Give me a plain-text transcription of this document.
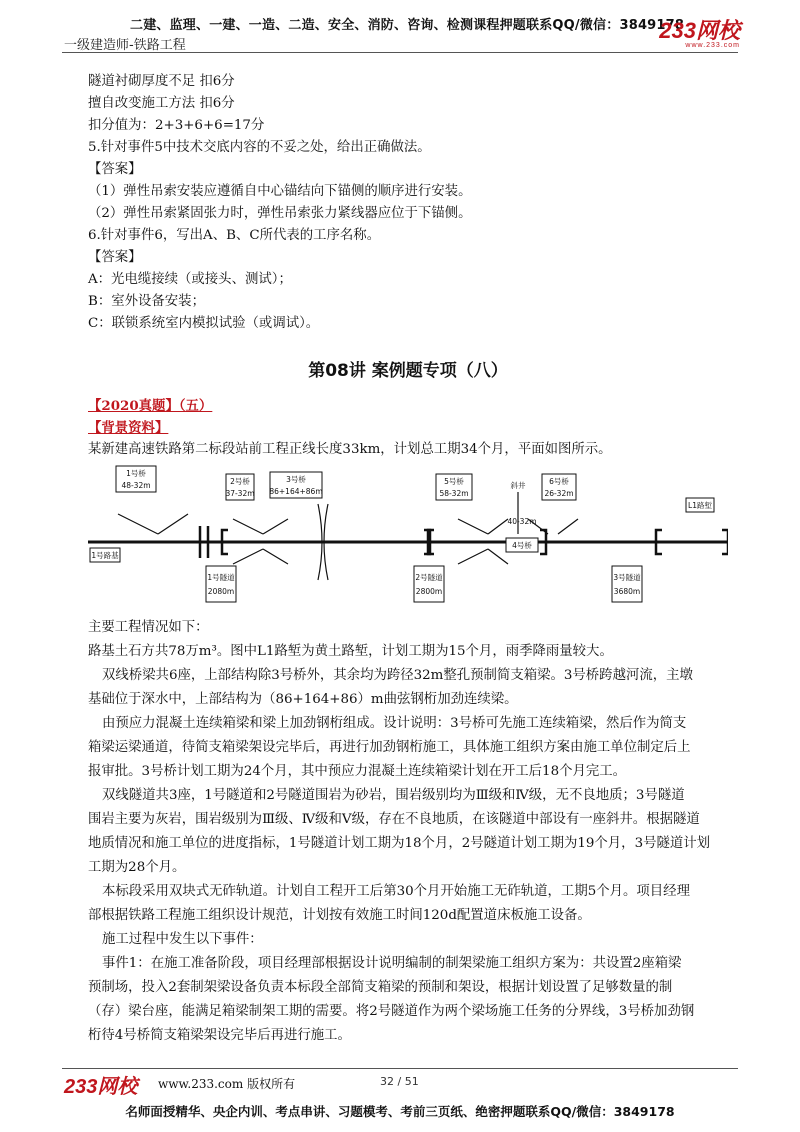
二建、监理、一建、一造、二造、安全、消防、咨询、检测课程押题联系QQ/微信：3849178
一级建造师-铁路工程
233网校
www.233.com
隧道衬砌厚度不足 扣6分
擅自改变施工方法 扣6分
扣分值为：2+3+6+6=17分
5.针对事件5中技术交底内容的不妥之处，给出正确做法。
【答案】
（1）弹性吊索安装应遵循自中心锚结向下锚侧的顺序进行安装。
（2）弹性吊索紧固张力时，弹性吊索张力紧线器应位于下锚侧。
6.针对事件6，写出A、B、C所代表的工序名称。
【答案】
A：光电缆接续（或接头、测试）；
B：室外设备安装；
C：联锁系统室内模拟试验（或调试）。
第08讲 案例题专项（八）
【2020真题】（五）
【背景资料】
某新建高速铁路第二标段站前工程正线长度33km，计划总工期34个月，平面如图所示。
1号桥
48-32m	2号桥
37-32m
3号桥
86+164+86m
5号桥
58-32m
6号桥
26-32m
斜井
L1路堑
1号路基
1号隧道
2080m
2号隧道
2800m
3号隧道
3680m
4号桥
40-32m
主要工程情况如下：
路基土石方共78万m³。图中L1路堑为黄土路堑，计划工期为15个月，雨季降雨量较大。
双线桥梁共6座，上部结构除3号桥外，其余均为跨径32m整孔预制简支箱梁。3号桥跨越河流，主墩
基础位于深水中，上部结构为（86+164+86）m曲弦钢桁加劲连续梁。
由预应力混凝土连续箱梁和梁上加劲钢桁组成。设计说明：3号桥可先施工连续箱梁，然后作为简支
箱梁运梁通道，待简支箱梁架设完毕后，再进行加劲钢桁施工，具体施工组织方案由施工单位制定后上
报审批。3号桥计划工期为24个月，其中预应力混凝土连续箱梁计划在开工后18个月完工。
双线隧道共3座，1号隧道和2号隧道围岩为砂岩，围岩级别均为Ⅲ级和Ⅳ级，无不良地质；3号隧道
围岩主要为灰岩，围岩级别为Ⅲ级、Ⅳ级和Ⅴ级，存在不良地质，在该隧道中部设有一座斜井。根据隧道
地质情况和施工单位的进度指标，1号隧道计划工期为18个月，2号隧道计划工期为19个月，3号隧道计划
工期为28个月。
本标段采用双块式无砟轨道。计划自工程开工后第30个月开始施工无砟轨道，工期5个月。项目经理
部根据铁路工程施工组织设计规范，计划按有效施工时间120d配置道床板施工设备。
施工过程中发生以下事件：
事件1：在施工准备阶段，项目经理部根据设计说明编制的制架梁施工组织方案为：共设置2座箱梁
预制场，投入2套制架梁设备负责本标段全部简支箱梁的预制和架设，根据计划设置了足够数量的制
（存）梁台座，能满足箱梁制架工期的需要。将2号隧道作为两个梁场施工任务的分界线，3号桥加劲钢
桁待4号桥简支箱梁架设完毕后再进行施工。
233网校 www.233.com 版权所有	32 / 51
名师面授精华、央企内训、考点串讲、习题模考、考前三页纸、绝密押题联系QQ/微信：3849178
